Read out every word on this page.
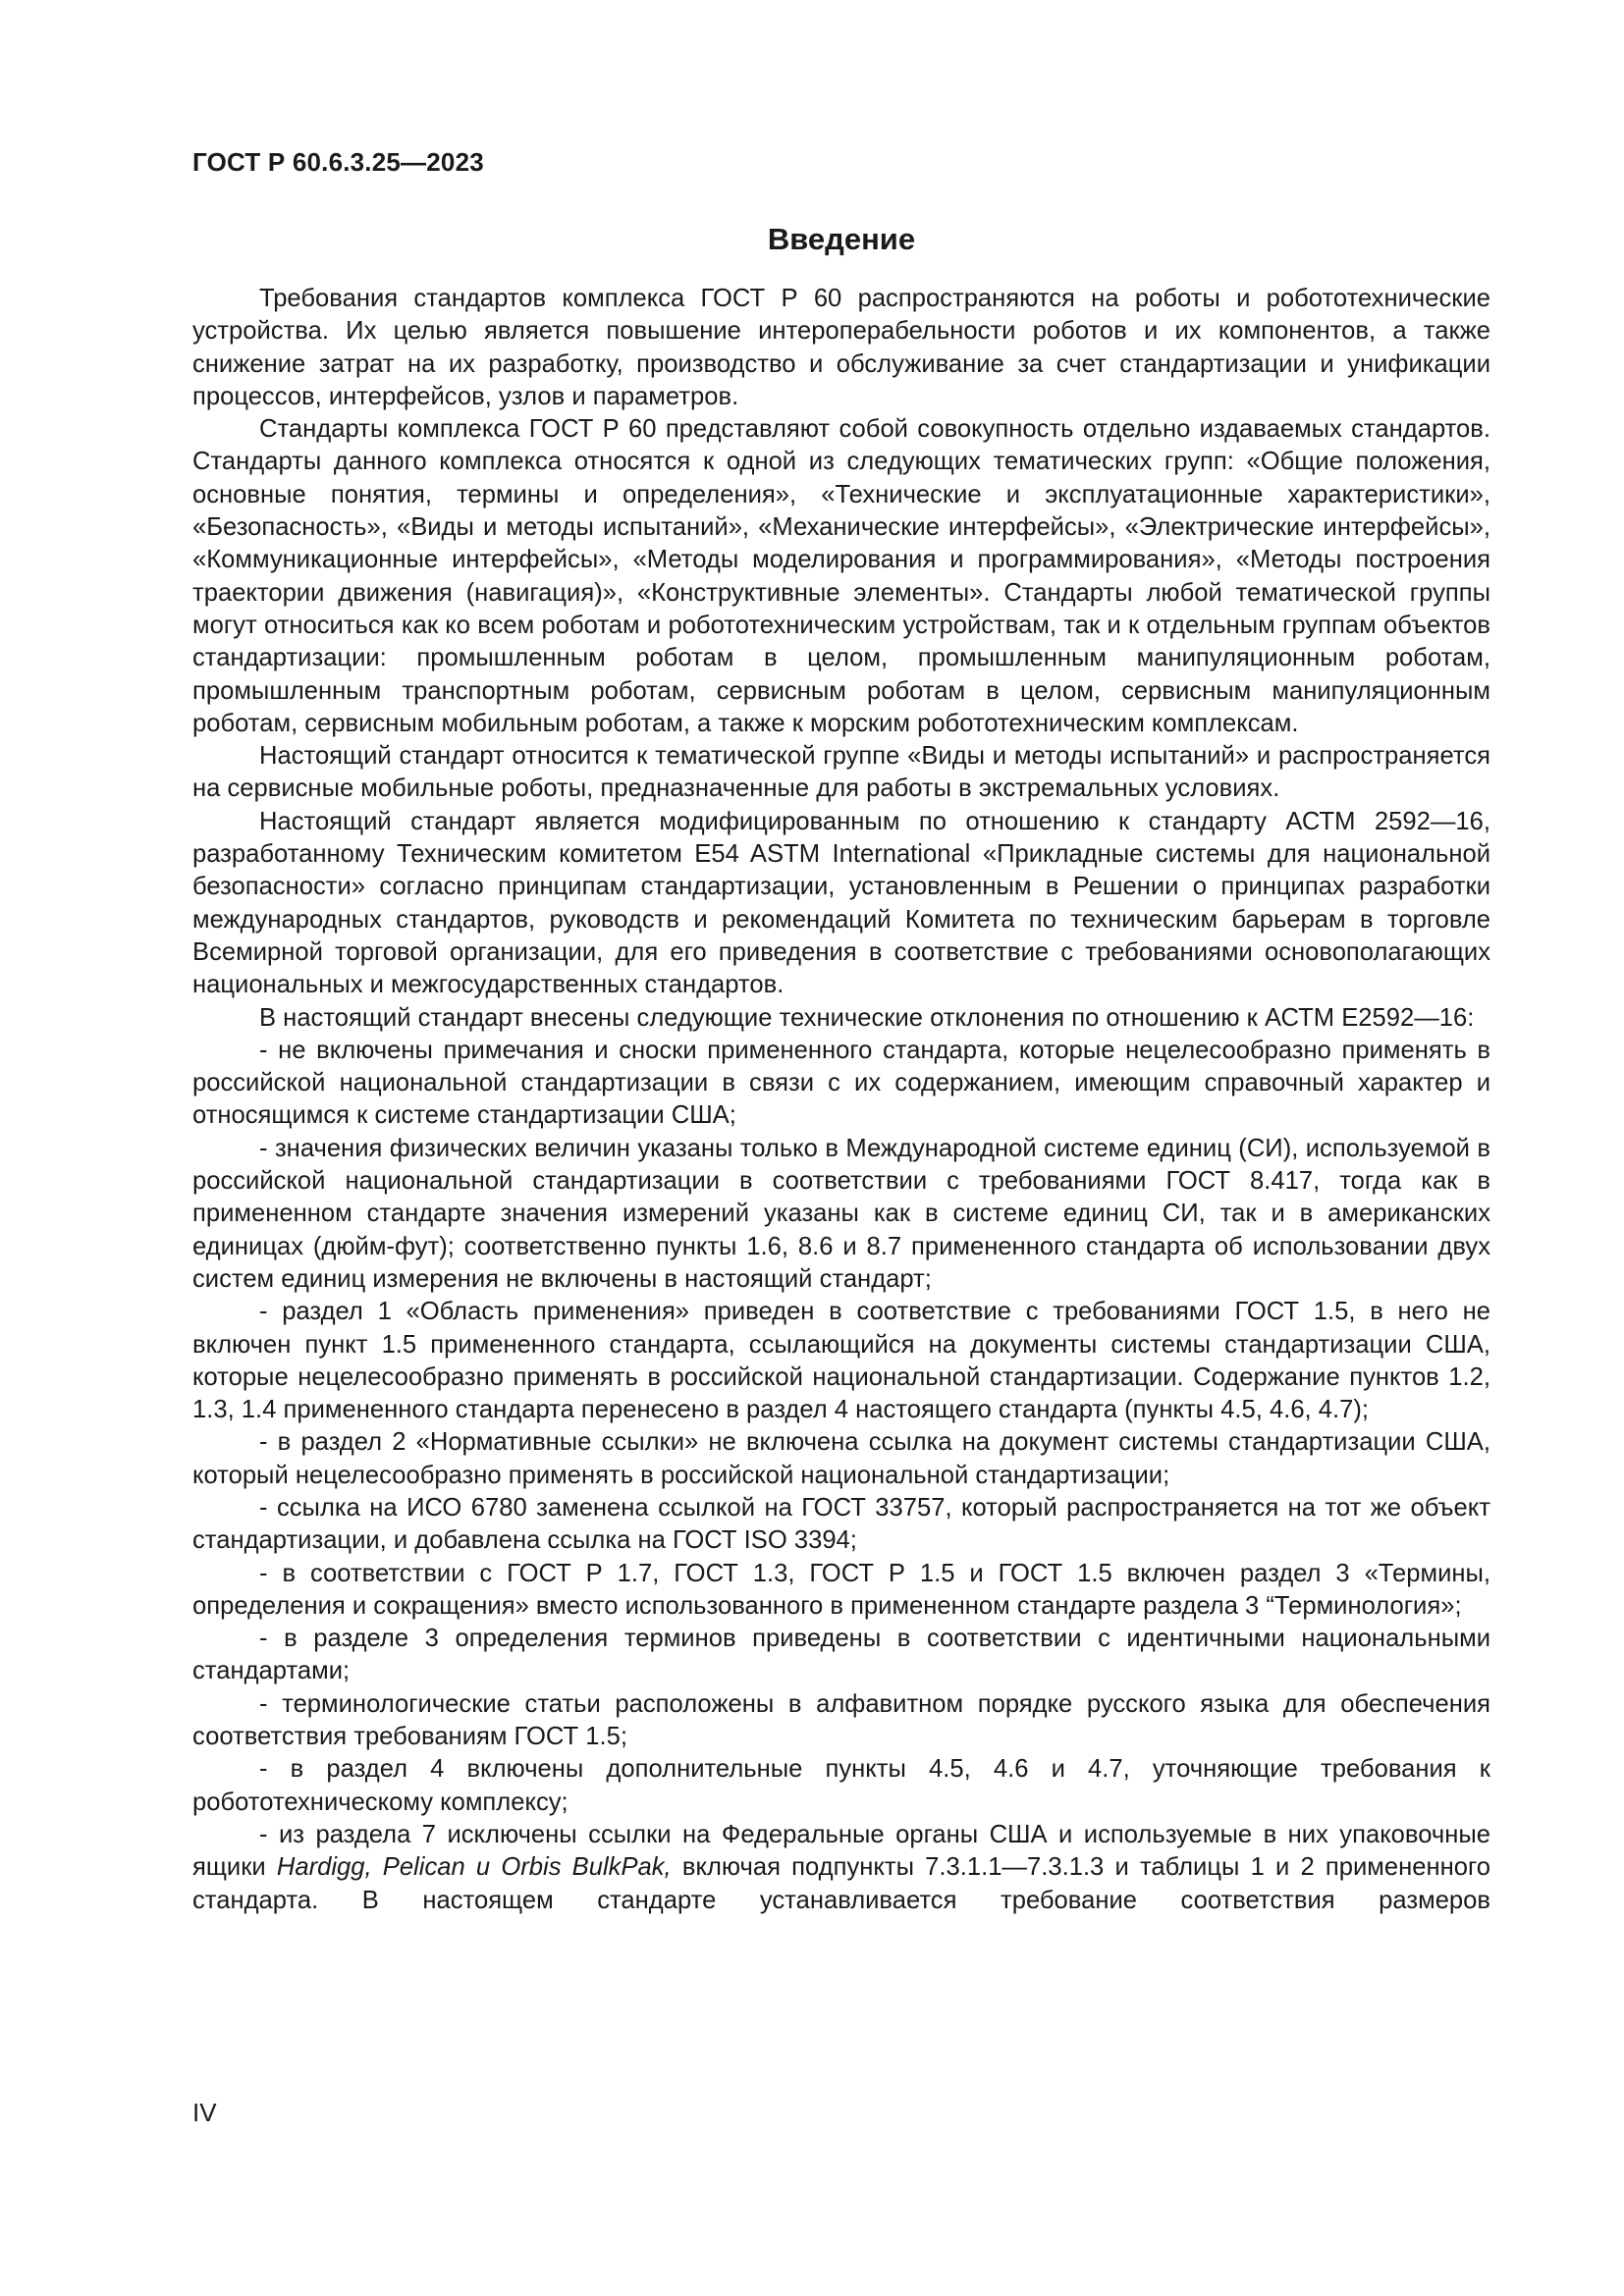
ГОСТ Р 60.6.3.25—2023
Введение

Требования стандартов комплекса ГОСТ Р 60 распространяются на роботы и робототехнические устройства. Их целью является повышение интероперабельности роботов и их компонентов, а также снижение затрат на их разработку, производство и обслуживание за счет стандартизации и унификации процессов, интерфейсов, узлов и параметров.

Стандарты комплекса ГОСТ Р 60 представляют собой совокупность отдельно издаваемых стандартов. Стандарты данного комплекса относятся к одной из следующих тематических групп: «Общие положения, основные понятия, термины и определения», «Технические и эксплуатационные характеристики», «Безопасность», «Виды и методы испытаний», «Механические интерфейсы», «Электрические интерфейсы», «Коммуникационные интерфейсы», «Методы моделирования и программирования», «Методы построения траектории движения (навигация)», «Конструктивные элементы». Стандарты любой тематической группы могут относиться как ко всем роботам и робототехническим устройствам, так и к отдельным группам объектов стандартизации: промышленным роботам в целом, промышленным манипуляционным роботам, промышленным транспортным роботам, сервисным роботам в целом, сервисным манипуляционным роботам, сервисным мобильным роботам, а также к морским робототехническим комплексам.

Настоящий стандарт относится к тематической группе «Виды и методы испытаний» и распространяется на сервисные мобильные роботы, предназначенные для работы в экстремальных условиях.

Настоящий стандарт является модифицированным по отношению к стандарту АСТМ 2592—16, разработанному Техническим комитетом E54 ASTM International «Прикладные системы для национальной безопасности» согласно принципам стандартизации, установленным в Решении о принципах разработки международных стандартов, руководств и рекомендаций Комитета по техническим барьерам в торговле Всемирной торговой организации, для его приведения в соответствие с требованиями основополагающих национальных и межгосударственных стандартов.

В настоящий стандарт внесены следующие технические отклонения по отношению к АСТМ E2592—16:

- не включены примечания и сноски примененного стандарта, которые нецелесообразно применять в российской национальной стандартизации в связи с их содержанием, имеющим справочный характер и относящимся к системе стандартизации США;

- значения физических величин указаны только в Международной системе единиц (СИ), используемой в российской национальной стандартизации в соответствии с требованиями ГОСТ 8.417, тогда как в примененном стандарте значения измерений указаны как в системе единиц СИ, так и в американских единицах (дюйм-фут); соответственно пункты 1.6, 8.6 и 8.7 примененного стандарта об использовании двух систем единиц измерения не включены в настоящий стандарт;

- раздел 1 «Область применения» приведен в соответствие с требованиями ГОСТ 1.5, в него не включен пункт 1.5 примененного стандарта, ссылающийся на документы системы стандартизации США, которые нецелесообразно применять в российской национальной стандартизации. Содержание пунктов 1.2, 1.3, 1.4 примененного стандарта перенесено в раздел 4 настоящего стандарта (пункты 4.5, 4.6, 4.7);

- в раздел 2 «Нормативные ссылки» не включена ссылка на документ системы стандартизации США, который нецелесообразно применять в российской национальной стандартизации;

- ссылка на ИСО 6780 заменена ссылкой на ГОСТ 33757, который распространяется на тот же объект стандартизации, и добавлена ссылка на ГОСТ ISO 3394;

- в соответствии с ГОСТ Р 1.7, ГОСТ 1.3, ГОСТ Р 1.5 и ГОСТ 1.5 включен раздел 3 «Термины, определения и сокращения» вместо использованного в примененном стандарте раздела 3 “Терминология»;

- в разделе 3 определения терминов приведены в соответствии с идентичными национальными стандартами;

- терминологические статьи расположены в алфавитном порядке русского языка для обеспечения соответствия требованиям ГОСТ 1.5;

- в раздел 4 включены дополнительные пункты 4.5, 4.6 и 4.7, уточняющие требования к робототехническому комплексу;

- из раздела 7 исключены ссылки на Федеральные органы США и используемые в них упаковочные ящики Hardigg, Pelican и Orbis BulkPak, включая подпункты 7.3.1.1—7.3.1.3 и таблицы 1 и 2 примененного стандарта. В настоящем стандарте устанавливается требование соответствия размеров

IV
